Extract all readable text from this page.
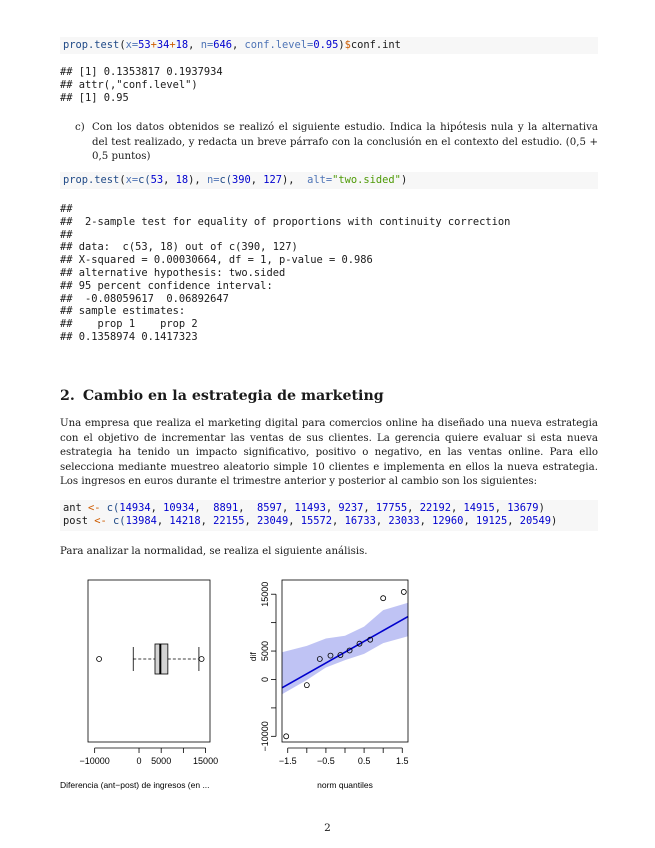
prop.test(x=53+34+18, n=646, conf.level=0.95)$conf.int
## [1] 0.1353817 0.1937934
## attr(,"conf.level")
## [1] 0.95
c) Con los datos obtenidos se realizó el siguiente estudio. Indica la hipótesis nula y la alternativa del test realizado, y redacta un breve párrafo con la conclusión en el contexto del estudio. (0,5 + 0,5 puntos)
prop.test(x=c(53, 18), n=c(390, 127),  alt="two.sided")
##
##  2-sample test for equality of proportions with continuity correction
##
## data:  c(53, 18) out of c(390, 127)
## X-squared = 0.00030664, df = 1, p-value = 0.986
## alternative hypothesis: two.sided
## 95 percent confidence interval:
##  -0.08059617  0.06892647
## sample estimates:
##    prop 1    prop 2
## 0.1358974 0.1417323
2. Cambio en la estrategia de marketing
Una empresa que realiza el marketing digital para comercios online ha diseñado una nueva estrategia con el objetivo de incrementar las ventas de sus clientes. La gerencia quiere evaluar si esta nueva estrategia ha tenido un impacto significativo, positivo o negativo, en las ventas online. Para ello selecciona mediante muestreo aleatorio simple 10 clientes e implementa en ellos la nueva estrategia. Los ingresos en euros durante el trimestre anterior y posterior al cambio son los siguientes:
ant <- c(14934, 10934,  8891,  8597, 11493, 9237, 17755, 22192, 14915, 13679)
post <- c(13984, 14218, 22155, 23049, 15572, 16733, 23033, 12960, 19125, 20549)
Para analizar la normalidad, se realiza el siguiente análisis.
−10000	0 5000 15000
Diferencia (ant−post) de ingresos (en ...
−1.5 −0.5	0.5	1.5
−10000
0
5000
15000
dif
norm quantiles
2
